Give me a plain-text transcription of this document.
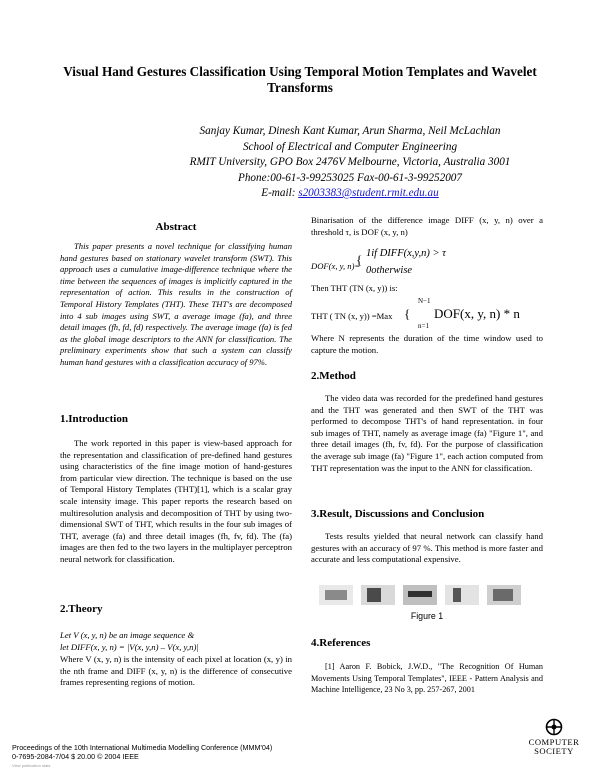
Visual Hand Gestures Classification Using Temporal Motion Templates and Wavelet Transforms
Sanjay Kumar, Dinesh Kant Kumar, Arun Sharma, Neil McLachlan
School of Electrical and Computer Engineering
RMIT University, GPO Box 2476V Melbourne, Victoria, Australia 3001
Phone:00-61-3-99253025 Fax-00-61-3-99252007
E-mail: s2003383@student.rmit.edu.au
Abstract
This paper presents a novel technique for classifying human hand gestures based on stationary wavelet transform (SWT). This approach uses a cumulative image-difference technique where the time between the sequences of images is implicitly captured in the representation of action. This results in the construction of Temporal History Templates (THT). These THT's are decomposed into 4 sub images using SWT, a average image (fa), and three detail images (fh, fd, fd) respectively. The average image (fa) is fed as the global image descriptors to the ANN for classification. The preliminary experiments show that such a system can classify human hand gestures with a classification accuracy of 97%.
1.Introduction
The work reported in this paper is view-based approach for the representation and classification of pre-defined hand gestures using characteristics of the fine image motion of hand-gestures from particular view direction. The technique is based on the use of Temporal History Templates (THT)[1], which is a scalar gray scale intensity image. This paper reports the research based on multiresolution analysis and decomposition of THT by using two-dimensional SWT of THT, which results in the four sub images of THT, average (fa) and three detail images (fh, fv, fd). The (fa) images are then fed to the two layers in the multiplayer perceptron neural network for classification.
2.Theory
Let V (x, y, n) be an image sequence &
let DIFF(x, y, n) = |V(x, y,n) – V(x, y,n)|
Where V (x, y, n) is the intensity of each pixel at location (x, y) in the nth frame and DIFF (x, y, n) is the difference of consecutive frames representing regions of motion.
Binarisation of the difference image DIFF (x, y, n) over a threshold τ, is DOF (x, y, n)
DOF(x, y, n)=
{ 1if DIFF(x,y,n) > τ
0otherwise
Then THT (TN (x, y)) is:
N−1
THT ( TN (x, y)) =Max { DOF(x, y, n) * n
n=1
Where N represents the duration of the time window used to capture the motion.
2.Method
The video data was recorded for the predefined hand gestures and the THT was generated and then SWT of the THT was performed to decompose THT's of hand representation. in four sub images of THT, namely as average image (fa) "Figure 1", and three detail images (fh, fv, fd). For the purpose of classification the average sub image (fa) "Figure 1", each action computed from THT representation was the input to the ANN for classification.
3.Result, Discussions and Conclusion
Tests results yielded that neural network can classify hand gestures with an accuracy of 97 %. This method is more faster and accurate and less computational expensive.
Figure 1
4.References
[1] Aaron F. Bobick, J.W.D., "The Recognition Of Human Movements Using Temporal Templates", IEEE - Pattern Analysis and Machine Intelligence, 23 No 3, pp. 257-267, 2001
Proceedings of the 10th International Multimedia Modelling Conference (MMM'04)
0-7695-2084-7/04 $ 20.00 © 2004 IEEE
View publication stats
COMPUTER
SOCIETY
